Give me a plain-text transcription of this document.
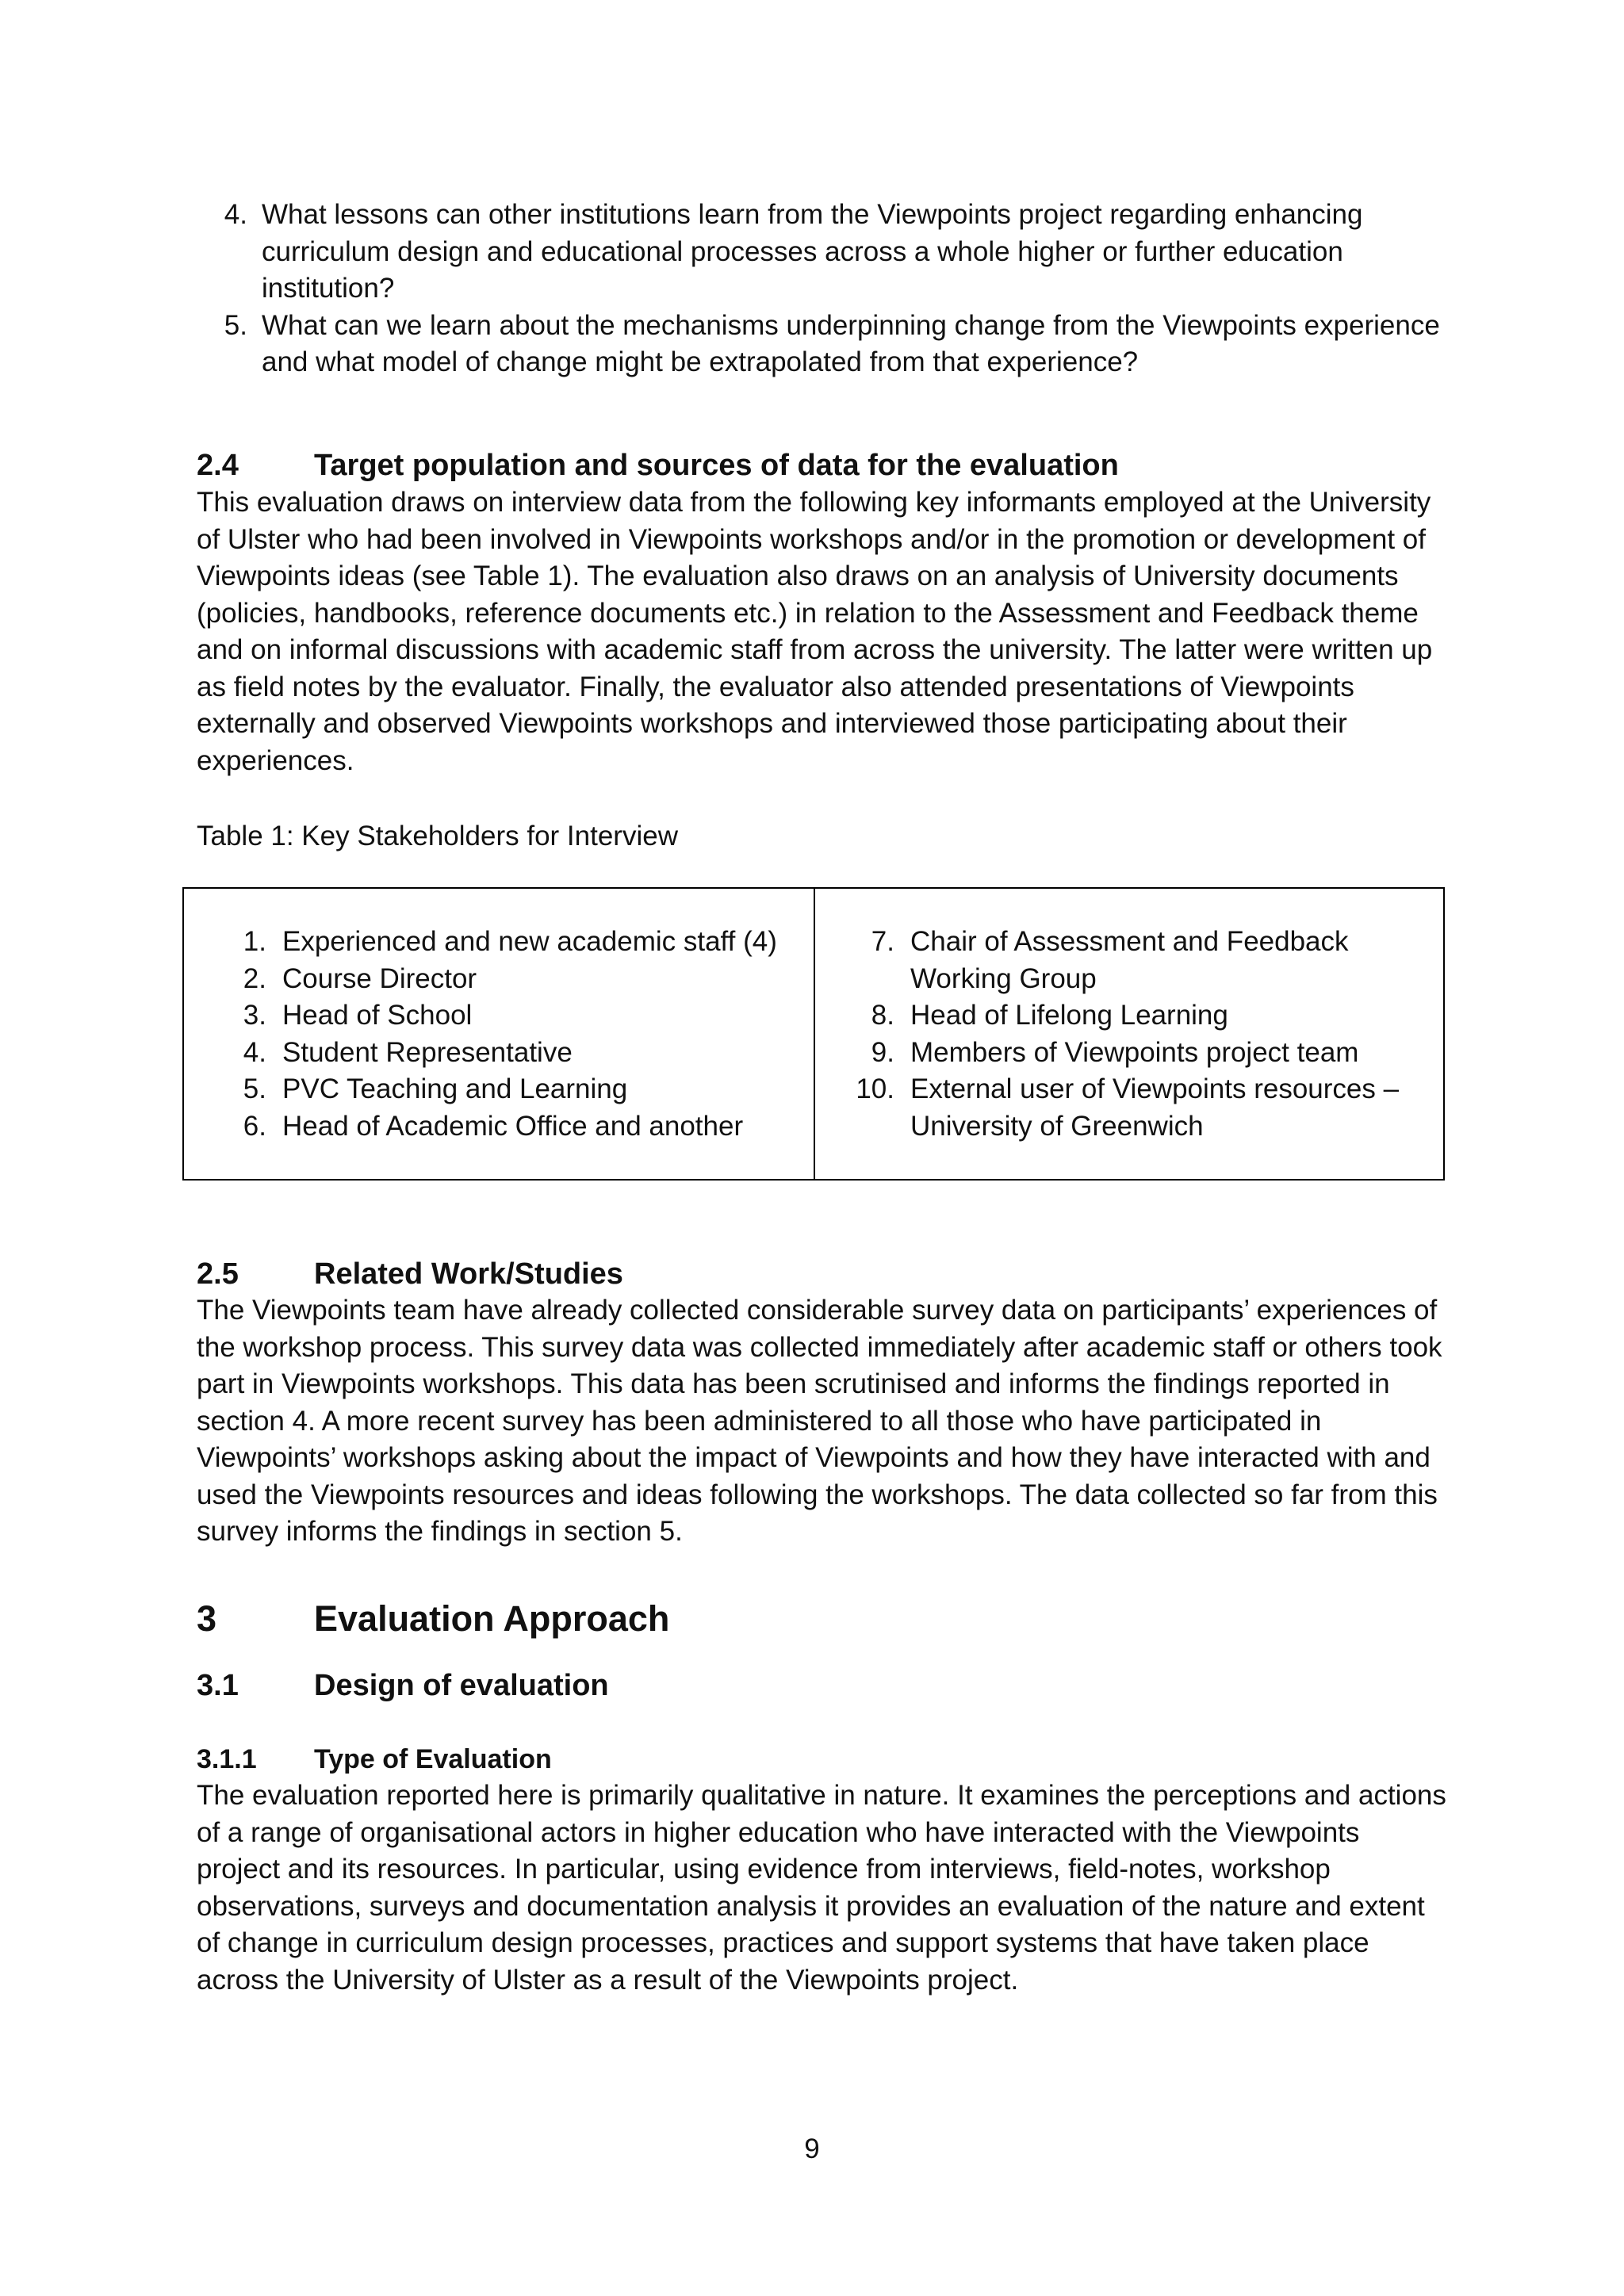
4. What lessons can other institutions learn from the Viewpoints project regarding enhancing curriculum design and educational processes across a whole higher or further education institution?
5. What can we learn about the mechanisms underpinning change from the Viewpoints experience and what model of change might be extrapolated from that experience?
2.4	Target population and sources of data for the evaluation

This evaluation draws on interview data from the following key informants employed at the University of Ulster who had been involved in Viewpoints workshops and/or in the promotion or development of Viewpoints ideas (see Table 1). The evaluation also draws on an analysis of University documents (policies, handbooks, reference documents etc.) in relation to the Assessment and Feedback theme and on informal discussions with academic staff from across the university. The latter were written up as field notes by the evaluator. Finally, the evaluator also attended presentations of Viewpoints externally and observed Viewpoints workshops and interviewed those participating about their experiences.

Table 1: Key Stakeholders for Interview
1. Experienced and new academic staff (4)
2. Course Director
3. Head of School
4. Student Representative
5. PVC Teaching and Learning
6. Head of Academic Office and another
7. Chair of Assessment and Feedback Working Group
8. Head of Lifelong Learning
9. Members of Viewpoints project team
10. External user of Viewpoints resources – University of Greenwich
2.5	Related Work/Studies

The Viewpoints team have already collected considerable survey data on participants’ experiences of the workshop process. This survey data was collected immediately after academic staff or others took part in Viewpoints workshops. This data has been scrutinised and informs the findings reported in section 4. A more recent survey has been administered to all those who have participated in Viewpoints’ workshops asking about the impact of Viewpoints and how they have interacted with and used the Viewpoints resources and ideas following the workshops. The data collected so far from this survey informs the findings in section 5.

3	Evaluation Approach
3.1	Design of evaluation
3.1.1	Type of Evaluation

The evaluation reported here is primarily qualitative in nature. It examines the perceptions and actions of a range of organisational actors in higher education who have interacted with the Viewpoints project and its resources. In particular, using evidence from interviews, field-notes, workshop observations, surveys and documentation analysis it provides an evaluation of the nature and extent of change in curriculum design processes, practices and support systems that have taken place across the University of Ulster as a result of the Viewpoints project.

9
